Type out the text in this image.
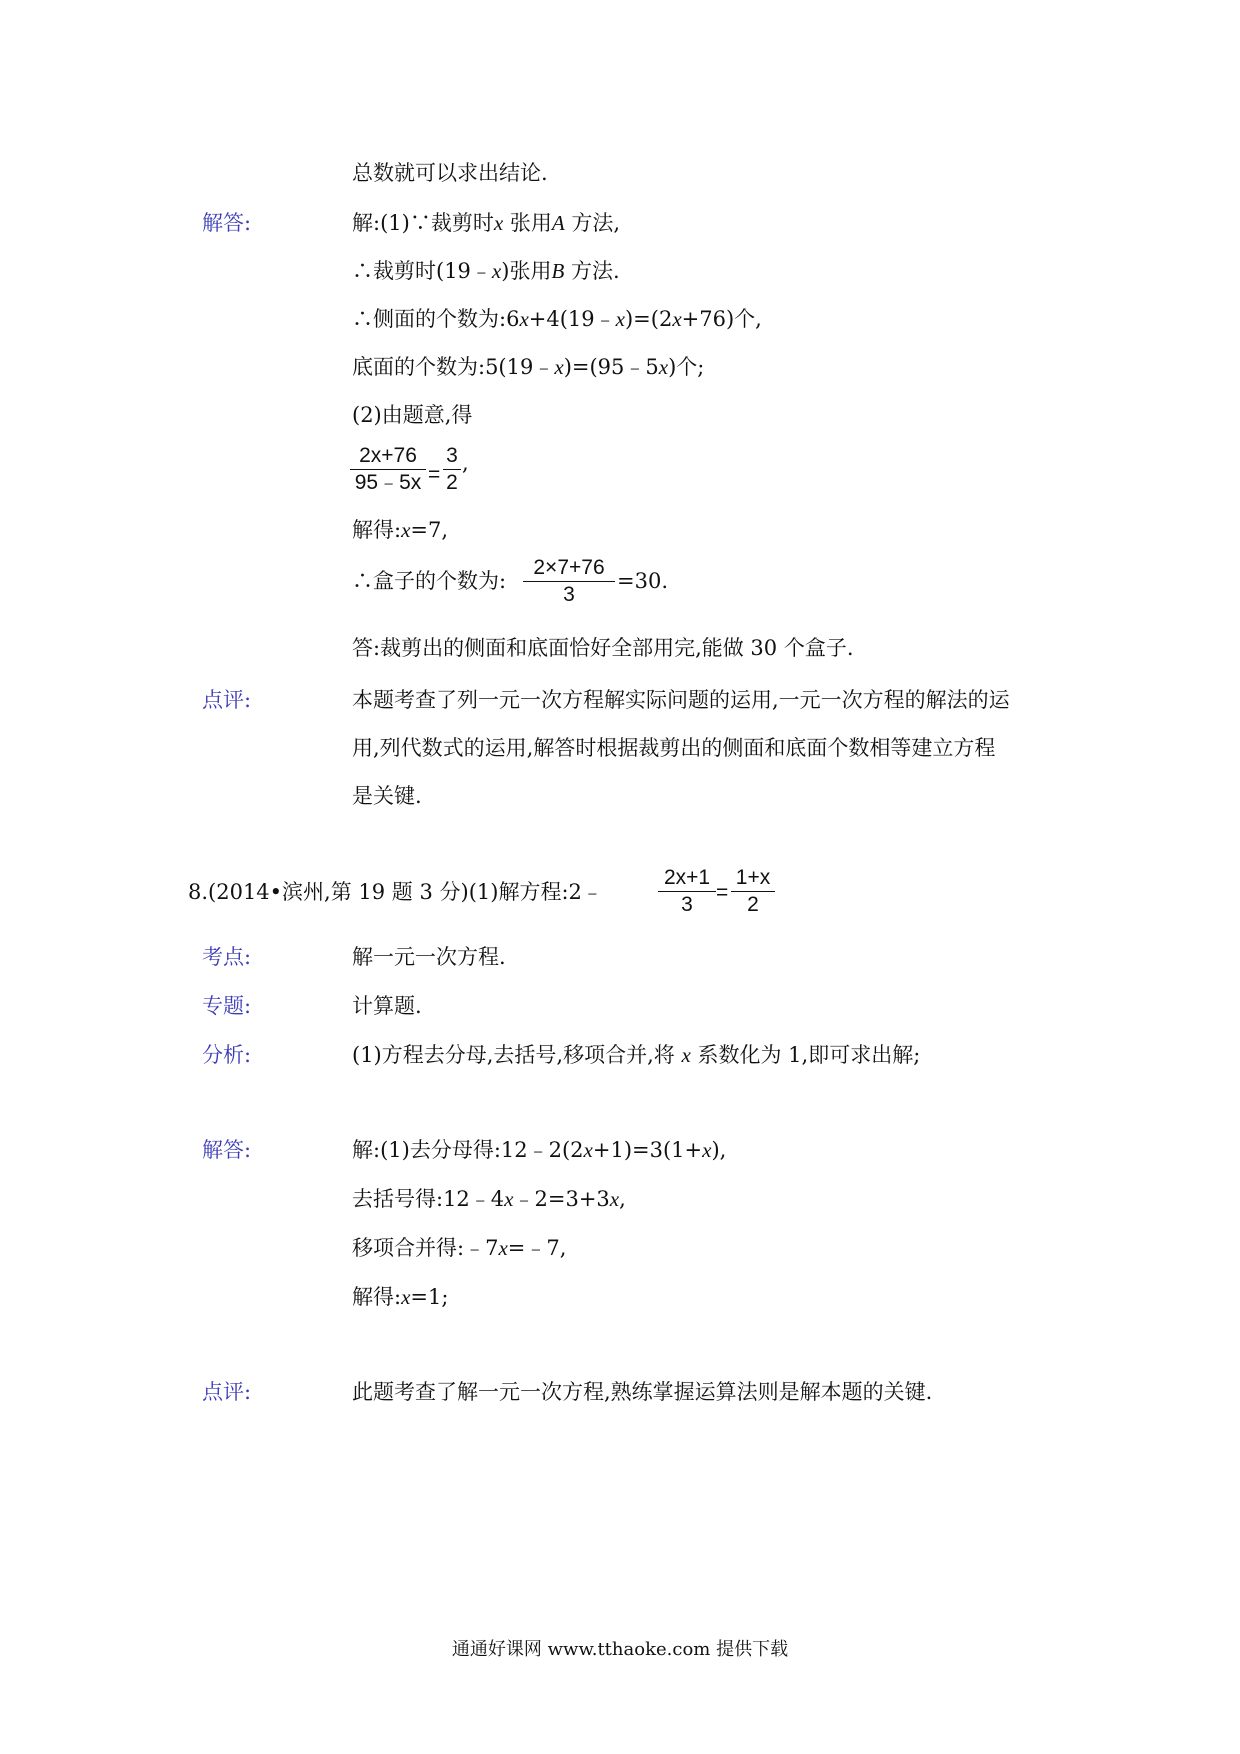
总数就可以求出结论.
解答:	解:(1)∵裁剪时x 张用A 方法,
∴裁剪时(19﹣x)张用B 方法.
∴侧面的个数为:6x+4(19﹣x)=(2x+76)个,
底面的个数为:5(19﹣x)=(95﹣5x)个;
(2)由题意,得
2x+76
95﹣5x =
3
2
,
解得:x=7,
∴盒子的个数为:
2×7+76
3
=30.
答:裁剪出的侧面和底面恰好全部用完,能做 30 个盒子.
点评:	本题考查了列一元一次方程解实际问题的运用,一元一次方程的解法的运
用,列代数式的运用,解答时根据裁剪出的侧面和底面个数相等建立方程
是关键.
8.(2014•滨州,第 19 题 3 分)(1)解方程:2﹣
2x+1
3
=
1+x
2
考点:	解一元一次方程.
专题:	计算题.
分析:	(1)方程去分母,去括号,移项合并,将 x 系数化为 1,即可求出解;
解答:	解:(1)去分母得:12﹣2(2x+1)=3(1+x),
去括号得:12﹣4x﹣2=3+3x,
移项合并得:﹣7x=﹣7,
解得:x=1;
点评:	此题考查了解一元一次方程,熟练掌握运算法则是解本题的关键.
通通好课网 www.tthaoke.com 提供下载
